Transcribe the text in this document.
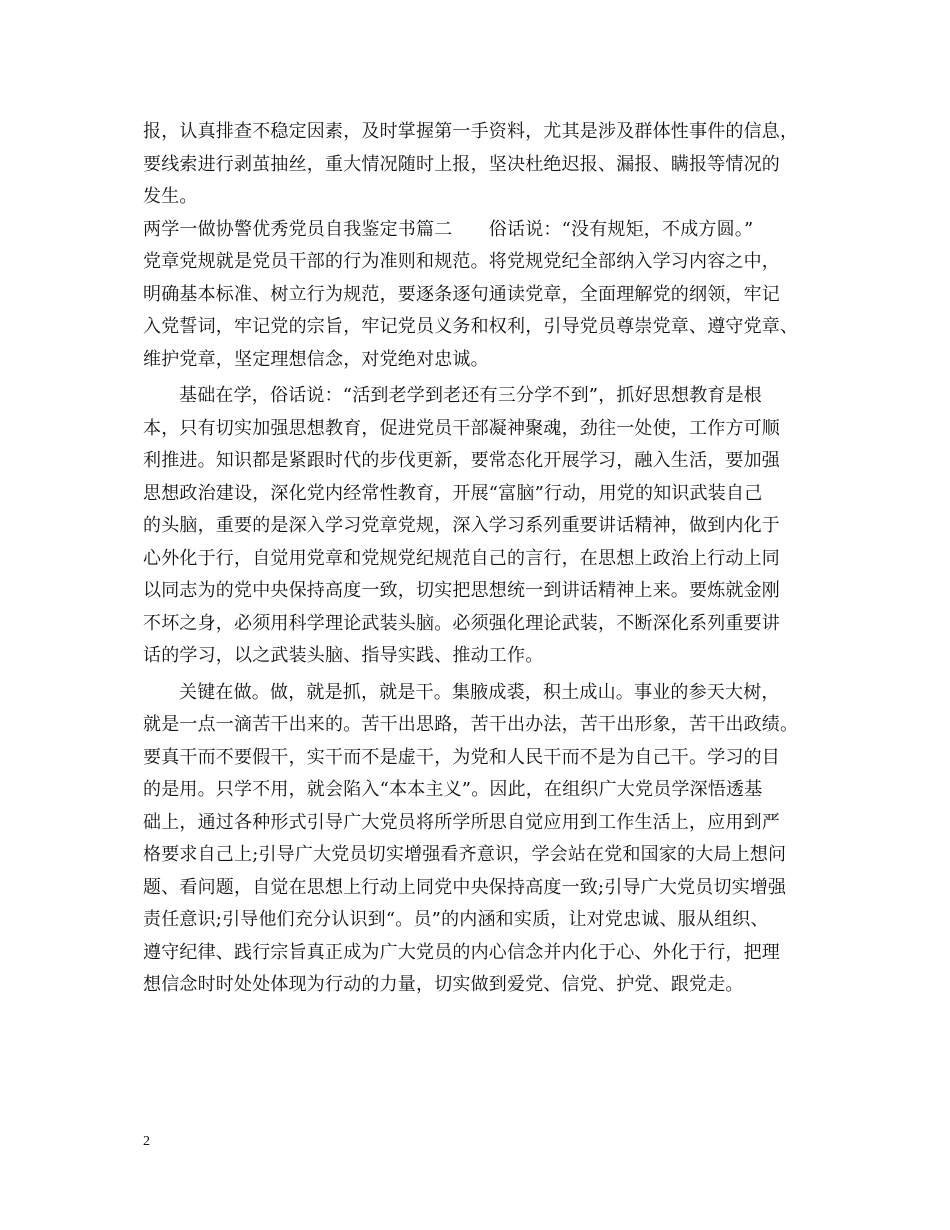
报，认真排查不稳定因素，及时掌握第一手资料，尤其是涉及群体性事件的信息，
要线索进行剥茧抽丝，重大情况随时上报，坚决杜绝迟报、漏报、瞒报等情况的
发生。
两学一做协警优秀党员自我鉴定书篇二　　俗话说：“没有规矩，不成方圆。”
党章党规就是党员干部的行为准则和规范。将党规党纪全部纳入学习内容之中，
明确基本标准、树立行为规范，要逐条逐句通读党章，全面理解党的纲领，牢记
入党誓词，牢记党的宗旨，牢记党员义务和权利，引导党员尊崇党章、遵守党章、
维护党章，坚定理想信念，对党绝对忠诚。
基础在学，俗话说：“活到老学到老还有三分学不到”，抓好思想教育是根
本，只有切实加强思想教育，促进党员干部凝神聚魂，劲往一处使，工作方可顺
利推进。知识都是紧跟时代的步伐更新，要常态化开展学习，融入生活，要加强
思想政治建设，深化党内经常性教育，开展“富脑”行动，用党的知识武装自己
的头脑，重要的是深入学习党章党规，深入学习系列重要讲话精神，做到内化于
心外化于行，自觉用党章和党规党纪规范自己的言行，在思想上政治上行动上同
以同志为的党中央保持高度一致，切实把思想统一到讲话精神上来。要炼就金刚
不坏之身，必须用科学理论武装头脑。必须强化理论武装，不断深化系列重要讲
话的学习，以之武装头脑、指导实践、推动工作。
关键在做。做，就是抓，就是干。集腋成裘，积土成山。事业的参天大树，
就是一点一滴苦干出来的。苦干出思路，苦干出办法，苦干出形象，苦干出政绩。
要真干而不要假干，实干而不是虚干，为党和人民干而不是为自己干。学习的目
的是用。只学不用，就会陷入“本本主义”。因此，在组织广大党员学深悟透基
础上，通过各种形式引导广大党员将所学所思自觉应用到工作生活上，应用到严
格要求自己上;引导广大党员切实增强看齐意识，学会站在党和国家的大局上想问
题、看问题，自觉在思想上行动上同党中央保持高度一致;引导广大党员切实增强
责任意识;引导他们充分认识到“。员”的内涵和实质，让对党忠诚、服从组织、
遵守纪律、践行宗旨真正成为广大党员的内心信念并内化于心、外化于行，把理
想信念时时处处体现为行动的力量，切实做到爱党、信党、护党、跟党走。
2
